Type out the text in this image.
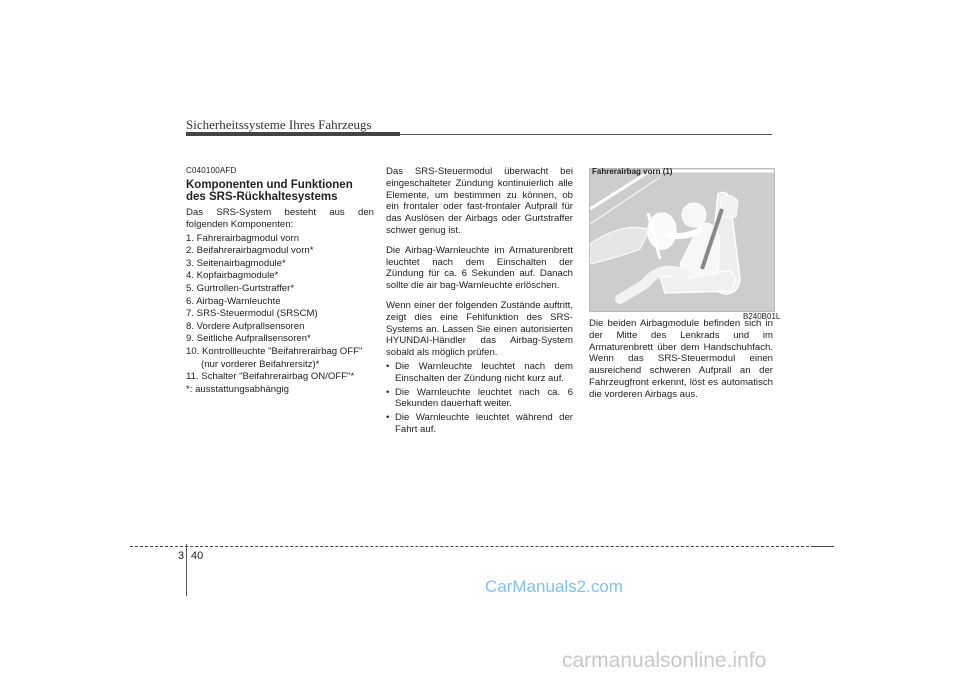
Sicherheitssysteme Ihres Fahrzeugs
C040100AFD
Komponenten und Funktionen
des SRS-Rückhaltesystems
Das SRS-System besteht aus den folgenden Komponenten:
1. Fahrerairbagmodul vorn
2. Beifahrerairbagmodul vorn*
3. Seitenairbagmodule*
4. Kopfairbagmodule*
5. Gurtrollen-Gurtstraffer*
6. Airbag-Warnleuchte
7. SRS-Steuermodul (SRSCM)
8. Vordere Aufprallsensoren
9. Seitliche Aufprallsensoren*
10. Kontrollleuchte "Beifahrerairbag OFF"
(nur vorderer Beifahrersitz)*
11. Schalter "Beifahrerairbag ON/OFF"*
*: ausstattungsabhängig
Das SRS-Steuermodul überwacht bei eingeschalteter Zündung kontinuierlich alle Elemente, um bestimmen zu können, ob ein frontaler oder fast-frontaler Aufprall für das Auslösen der Airbags oder Gurtstraffer schwer genug ist.
Die Airbag-Warnleuchte im Armaturenbrett leuchtet nach dem Einschalten der Zündung für ca. 6 Sekunden auf. Danach sollte die air bag-Warnleuchte erlöschen.
Wenn einer der folgenden Zustände auftritt, zeigt dies eine Fehlfunktion des SRS-Systems an. Lassen Sie einen autorisierten HYUNDAI-Händler das Airbag-System sobald als möglich prüfen.
• Die Warnleuchte leuchtet nach dem Einschalten der Zündung nicht kurz auf.
• Die Warnleuchte leuchtet nach ca. 6 Sekunden dauerhaft weiter.
• Die Warnleuchte leuchtet während der Fahrt auf.
Fahrerairbag vorn (1)
B240B01L
Die beiden Airbagmodule befinden sich in der Mitte des Lenkrads und im Armaturenbrett über dem Handschuhfach. Wenn das SRS-Steuermodul einen ausreichend schweren Aufprall an der Fahrzeugfront erkennt, löst es automatisch die vorderen Airbags aus.
3 40
CarManuals2.com
carmanualsonline.info
